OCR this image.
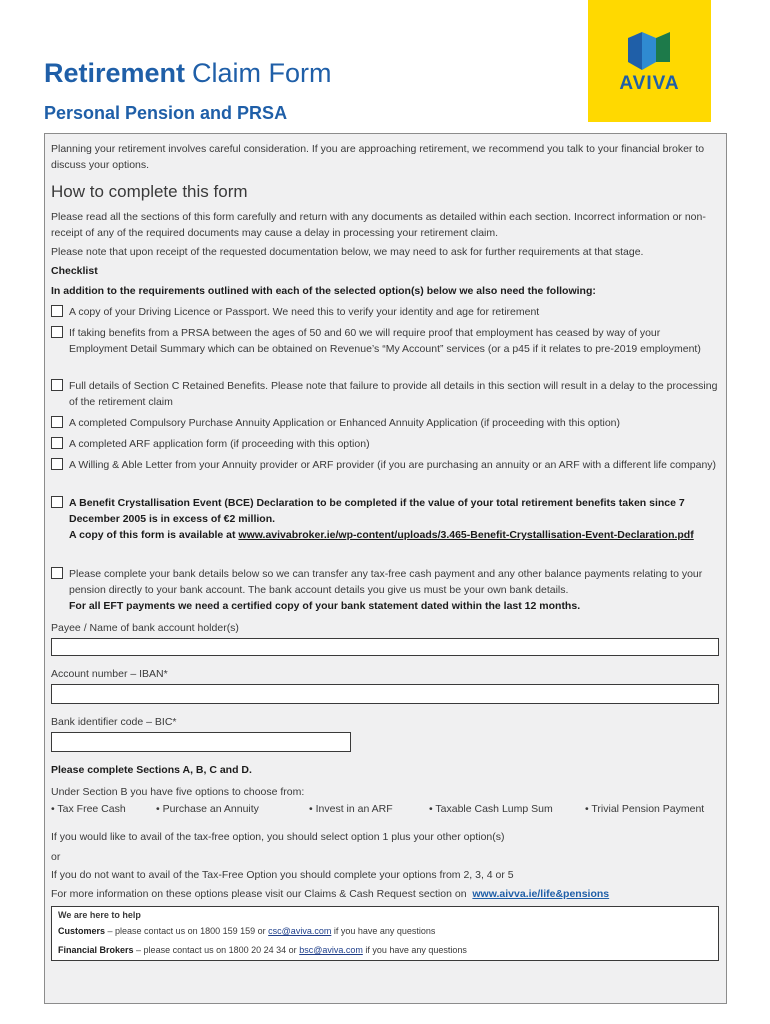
Retirement Claim Form
Personal Pension and PRSA
AVIVA
Planning your retirement involves careful consideration. If you are approaching retirement, we recommend you talk to your financial broker to discuss your options.
How to complete this form
Please read all the sections of this form carefully and return with any documents as detailed within each section. Incorrect information or non-receipt of any of the required documents may cause a delay in processing your retirement claim.
Please note that upon receipt of the requested documentation below, we may need to ask for further requirements at that stage.
Checklist
In addition to the requirements outlined with each of the selected option(s) below we also need the following:
A copy of your Driving Licence or Passport. We need this to verify your identity and age for retirement
If taking benefits from a PRSA between the ages of 50 and 60 we will require proof that employment has ceased by way of your Employment Detail Summary which can be obtained on Revenue’s “My Account” services (or a p45 if it relates to pre-2019 employment)
Full details of Section C Retained Benefits. Please note that failure to provide all details in this section will result in a delay to the processing of the retirement claim
A completed Compulsory Purchase Annuity Application or Enhanced Annuity Application (if proceeding with this option)
A completed ARF application form (if proceeding with this option)
A Willing & Able Letter from your Annuity provider or ARF provider (if you are purchasing an annuity or an ARF with a different life company)
A Benefit Crystallisation Event (BCE) Declaration to be completed if the value of your total retirement benefits taken since 7 December 2005 is in excess of €2 million.
A copy of this form is available at www.avivabroker.ie/wp-content/uploads/3.465-Benefit-Crystallisation-Event-Declaration.pdf
Please complete your bank details below so we can transfer any tax-free cash payment and any other balance payments relating to your pension directly to your bank account. The bank account details you give us must be your own bank details.
For all EFT payments we need a certified copy of your bank statement dated within the last 12 months.
Payee / Name of bank account holder(s)
Account number – IBAN*
Bank identifier code – BIC*
Please complete Sections A, B, C and D.
Under Section B you have five options to choose from:
• Tax Free Cash	• Purchase an Annuity	• Invest in an ARF	• Taxable Cash Lump Sum	• Trivial Pension Payment
If you would like to avail of the tax-free option, you should select option 1 plus your other option(s)
or
If you do not want to avail of the Tax-Free Option you should complete your options from 2, 3, 4 or 5
For more information on these options please visit our Claims & Cash Request section on www.aivva.ie/life&pensions
We are here to help
Customers – please contact us on 1800 159 159 or csc@aviva.com if you have any questions
Financial Brokers – please contact us on 1800 20 24 34 or bsc@aviva.com if you have any questions
